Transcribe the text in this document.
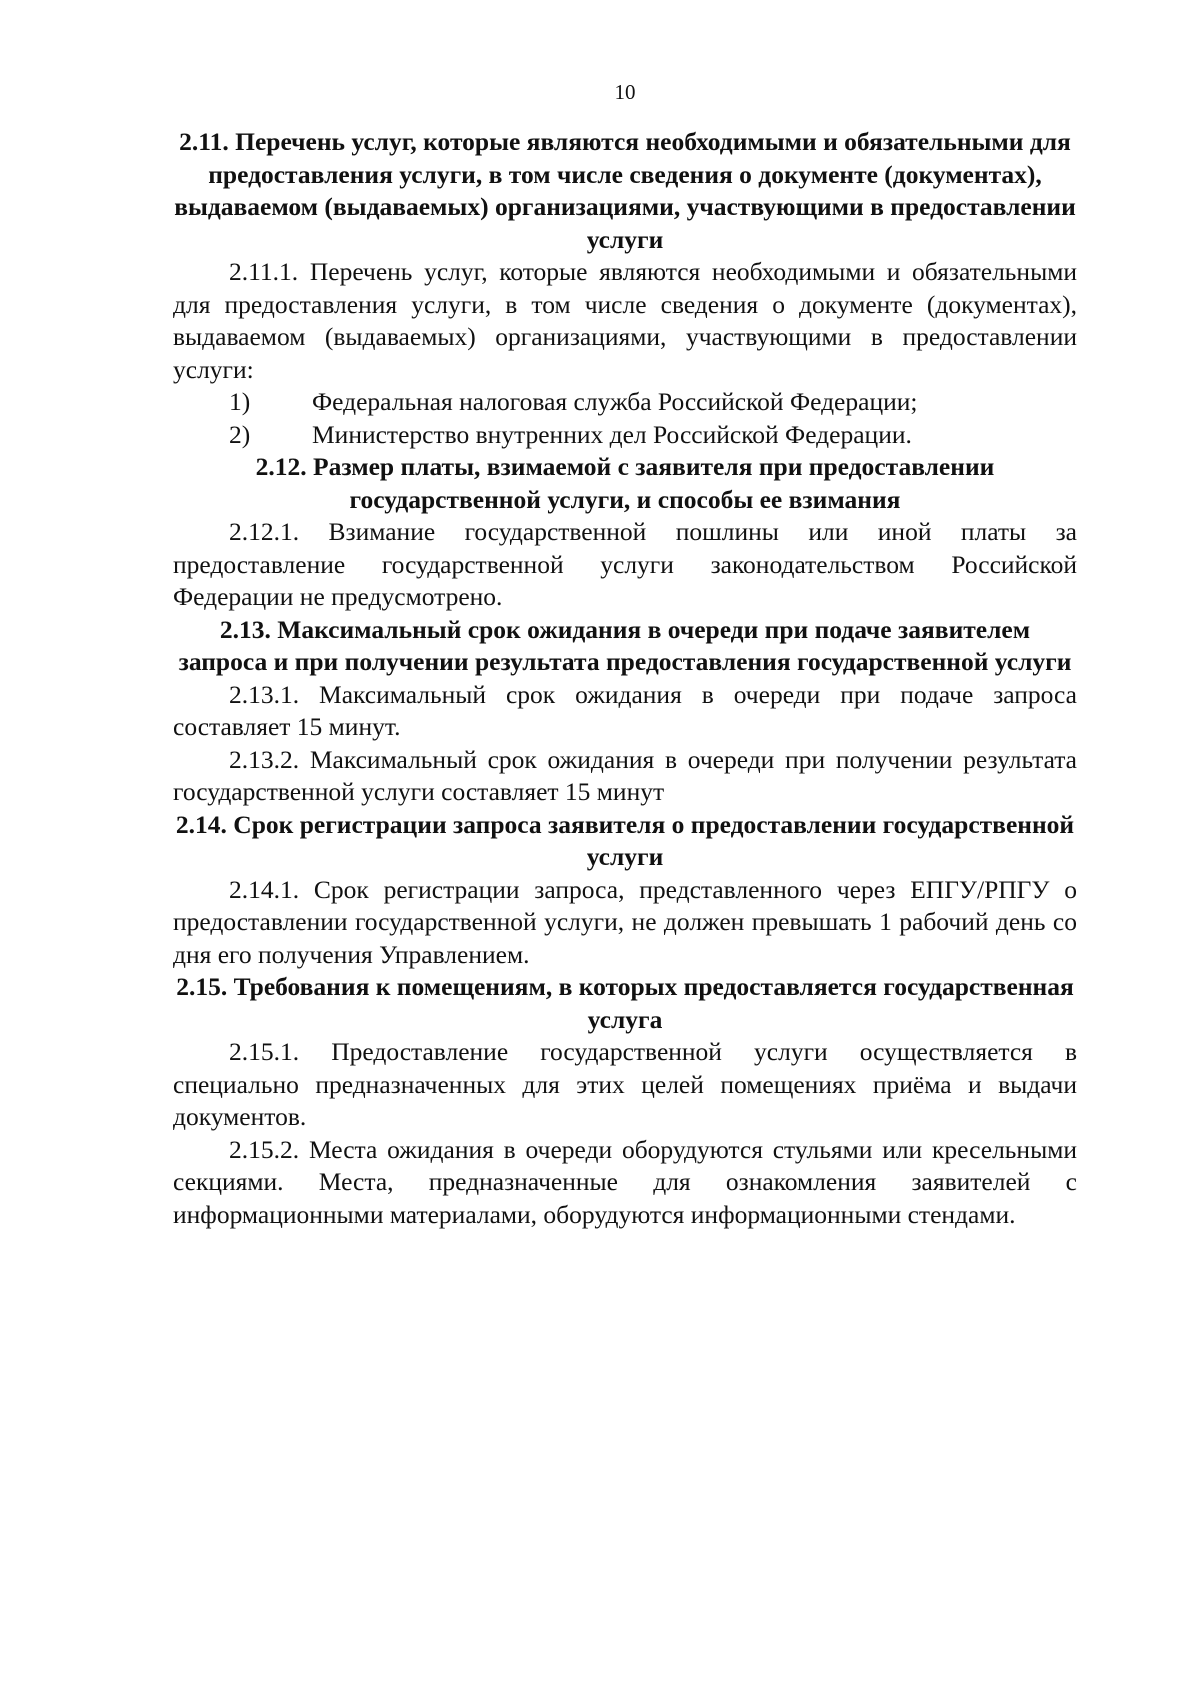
10
2.11. Перечень услуг, которые являются необходимыми и обязательными для предоставления услуги, в том числе сведения о документе (документах), выдаваемом (выдаваемых) организациями, участвующими в предоставлении услуги

2.11.1. Перечень услуг, которые являются необходимыми и обязательными для предоставления услуги, в том числе сведения о документе (документах), выдаваемом (выдаваемых) организациями, участвующими в предоставлении услуги:

1)	Федеральная налоговая служба Российской Федерации;
2)	Министерство внутренних дел Российской Федерации.
2.12. Размер платы, взимаемой с заявителя при предоставлении государственной услуги, и способы ее взимания

2.12.1. Взимание государственной пошлины или иной платы за предоставление государственной услуги законодательством Российской Федерации не предусмотрено.

2.13. Максимальный срок ожидания в очереди при подаче заявителем запроса и при получении результата предоставления государственной услуги

2.13.1. Максимальный срок ожидания в очереди при подаче запроса составляет 15 минут.

2.13.2. Максимальный срок ожидания в очереди при получении результата государственной услуги составляет 15 минут

2.14. Срок регистрации запроса заявителя о предоставлении государственной услуги

2.14.1. Срок регистрации запроса, представленного через ЕПГУ/РПГУ о предоставлении государственной услуги, не должен превышать 1 рабочий день со дня его получения Управлением.

2.15. Требования к помещениям, в которых предоставляется государственная услуга

2.15.1. Предоставление государственной услуги осуществляется в специально предназначенных для этих целей помещениях приёма и выдачи документов.

2.15.2. Места ожидания в очереди оборудуются стульями или кресельными секциями. Места, предназначенные для ознакомления заявителей с информационными материалами, оборудуются информационными стендами.
